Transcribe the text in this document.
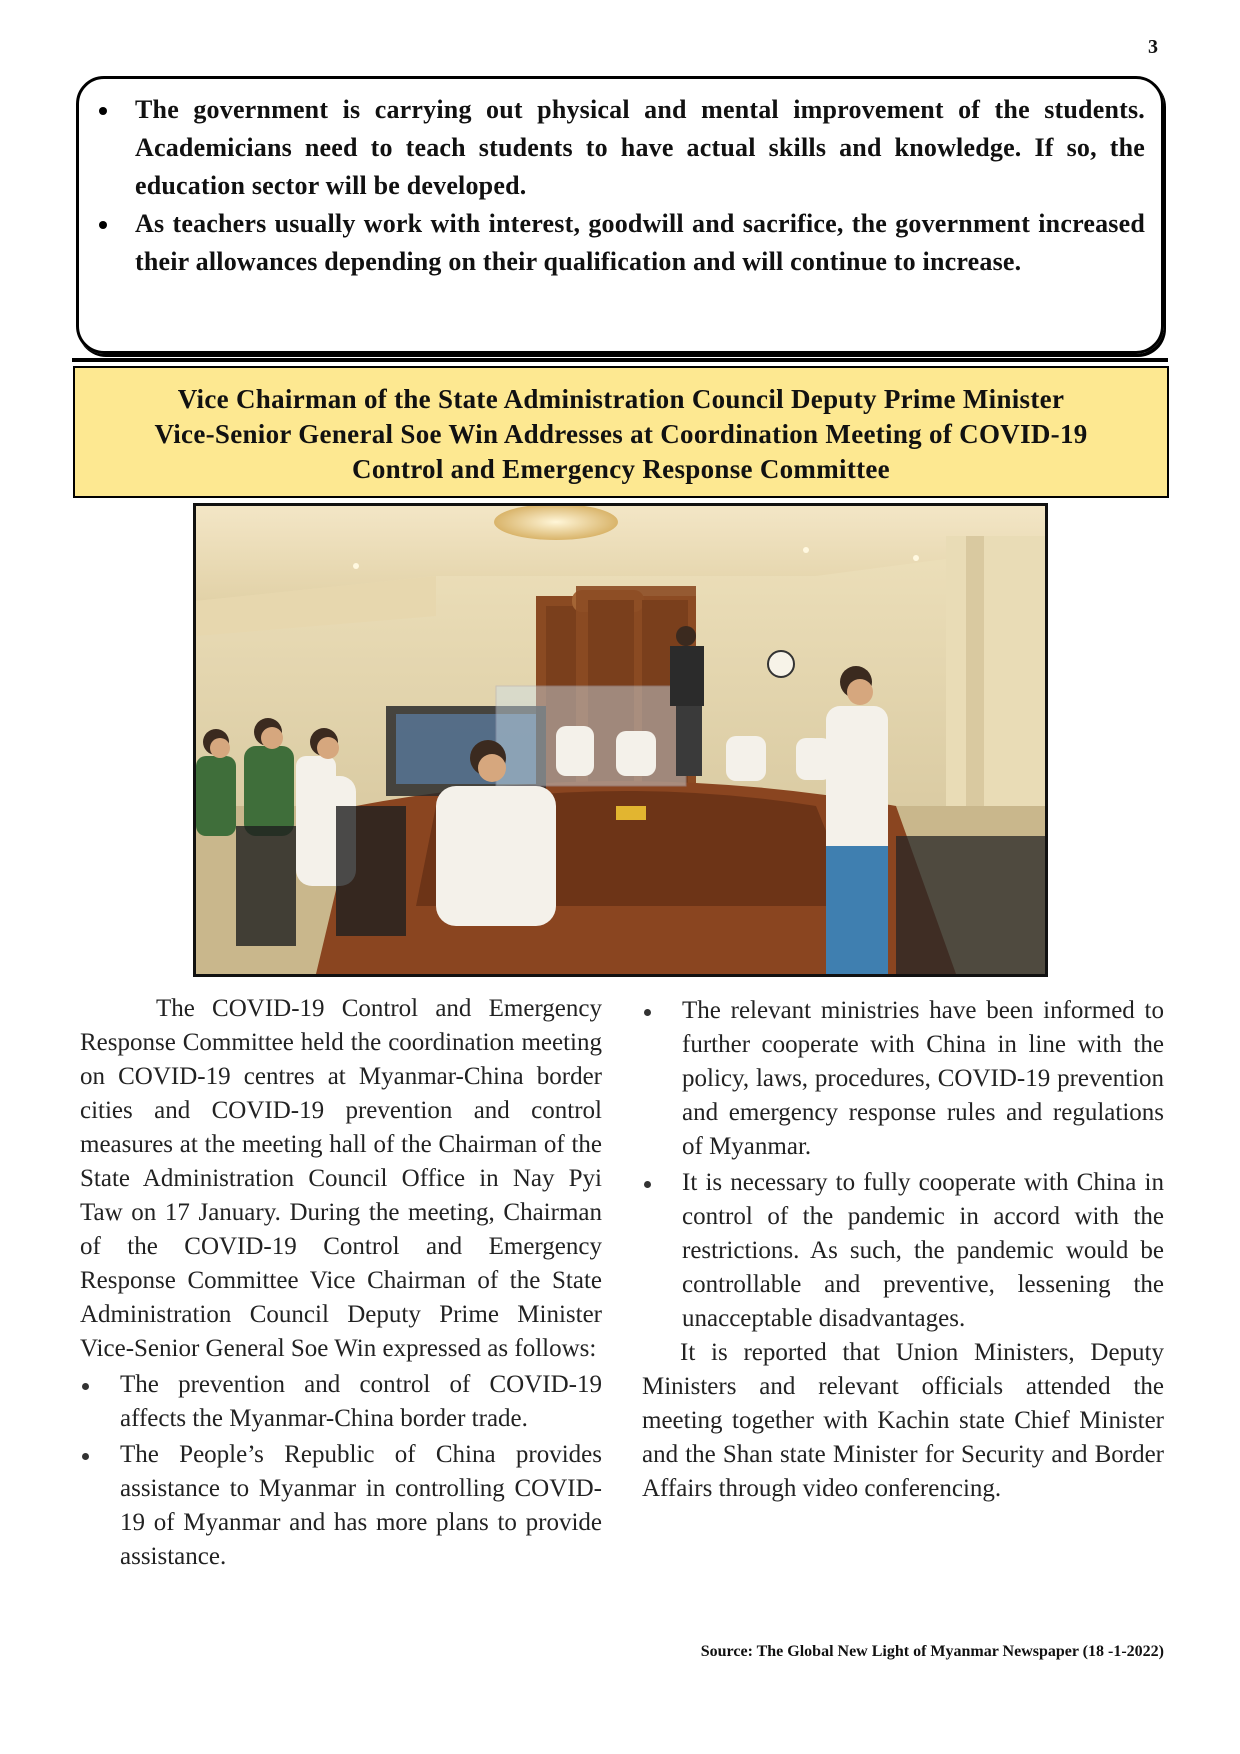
3
The government is carrying out physical and mental improvement of the students. Academicians need to teach students to have actual skills and knowledge. If so, the education sector will be developed.
As teachers usually work with interest, goodwill and sacrifice, the government increased their allowances depending on their qualification and will continue to increase.
Vice Chairman of the State Administration Council Deputy Prime Minister
Vice-Senior General Soe Win Addresses at Coordination Meeting of COVID-19
Control and Emergency Response Committee

The COVID-19 Control and Emergency Response Committee held the coordination meeting on COVID-19 centres at Myanmar-China border cities and COVID-19 prevention and control measures at the meeting hall of the Chairman of the State Administration Council Office in Nay Pyi Taw on 17 January. During the meeting, Chairman of the COVID-19 Control and Emergency Response Committee Vice Chairman of the State Administration Council Deputy Prime Minister Vice-Senior General Soe Win expressed as follows:

The prevention and control of COVID-19 affects the Myanmar-China border trade.
The People’s Republic of China provides assistance to Myanmar in controlling COVID-19 of Myanmar and has more plans to provide assistance.
The relevant ministries have been informed to further cooperate with China in line with the policy, laws, procedures, COVID-19 prevention and emergency response rules and regulations of Myanmar.
It is necessary to fully cooperate with China in control of the pandemic in accord with the restrictions. As such, the pandemic would be controllable and preventive, lessening the unacceptable disadvantages.

It is reported that Union Ministers, Deputy Ministers and relevant officials attended the meeting together with Kachin state Chief Minister and the Shan state Minister for Security and Border Affairs through video conferencing.

Source: The Global New Light of Myanmar Newspaper (18 -1-2022)
